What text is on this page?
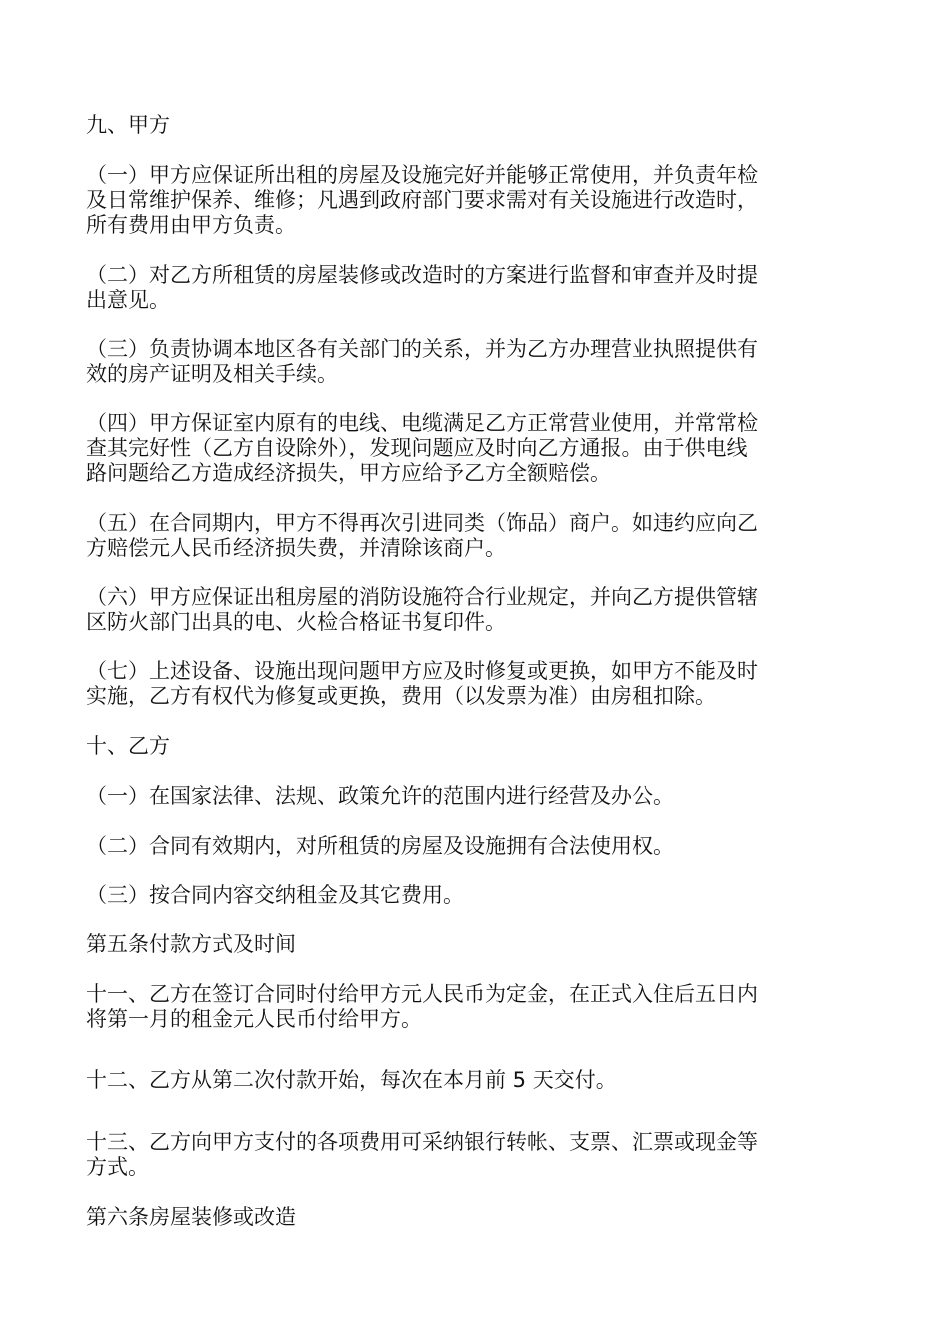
九、甲方

（一）甲方应保证所出租的房屋及设施完好并能够正常使用，并负责年检
及日常维护保养、维修；凡遇到政府部门要求需对有关设施进行改造时，
所有费用由甲方负责。

（二）对乙方所租赁的房屋装修或改造时的方案进行监督和审查并及时提
出意见。

（三）负责协调本地区各有关部门的关系，并为乙方办理营业执照提供有
效的房产证明及相关手续。

（四）甲方保证室内原有的电线、电缆满足乙方正常营业使用，并常常检
查其完好性（乙方自设除外），发现问题应及时向乙方通报。由于供电线
路问题给乙方造成经济损失，甲方应给予乙方全额赔偿。

（五）在合同期内，甲方不得再次引进同类（饰品）商户。如违约应向乙
方赔偿元人民币经济损失费，并清除该商户。

（六）甲方应保证出租房屋的消防设施符合行业规定，并向乙方提供管辖
区防火部门出具的电、火检合格证书复印件。

（七）上述设备、设施出现问题甲方应及时修复或更换，如甲方不能及时
实施，乙方有权代为修复或更换，费用（以发票为准）由房租扣除。

十、乙方

（一）在国家法律、法规、政策允许的范围内进行经营及办公。

（二）合同有效期内，对所租赁的房屋及设施拥有合法使用权。

（三）按合同内容交纳租金及其它费用。

第五条付款方式及时间

十一、乙方在签订合同时付给甲方元人民币为定金，在正式入住后五日内
将第一月的租金元人民币付给甲方。

十二、乙方从第二次付款开始，每次在本月前 5 天交付。

十三、乙方向甲方支付的各项费用可采纳银行转帐、支票、汇票或现金等
方式。

第六条房屋装修或改造
